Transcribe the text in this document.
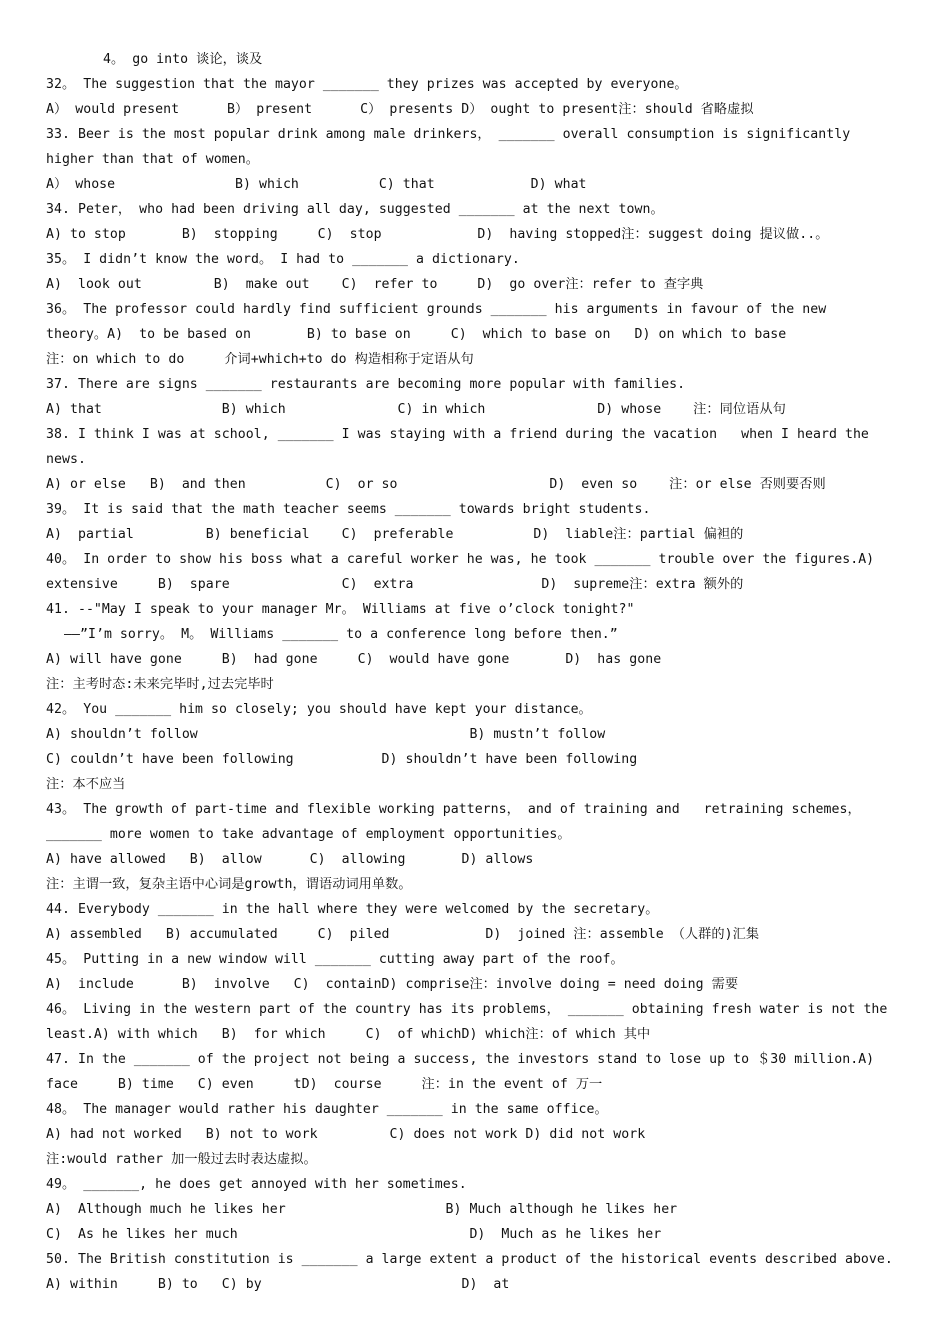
4。 go into 谈论，谈及
32。 The suggestion that the mayor _______ they prizes was accepted by everyone。
A） would present      B） present      C） presents D） ought to present注：should 省略虚拟
33. Beer is the most popular drink among male drinkers， _______ overall consumption is significantly
higher than that of women。
A） whose               B) which          C) that            D) what
34. Peter， who had been driving all day, suggested _______ at the next town。
A) to stop       B)  stopping     C)  stop            D)  having stopped注：suggest doing 提议做..。
35。 I didn’t know the word。 I had to _______ a dictionary.
A)  look out         B)  make out    C)  refer to     D)  go over注：refer to 查字典
36。 The professor could hardly find sufficient grounds _______ his arguments in favour of the new
theory。A)  to be based on       B) to base on     C)  which to base on   D) on which to base
注：on which to do     介词+which+to do 构造相称于定语从句
37. There are signs _______ restaurants are becoming more popular with families.
A) that               B) which              C) in which              D) whose    注：同位语从句
38. I think I was at school, _______ I was staying with a friend during the vacation   when I heard the
news.
A) or else   B)  and then          C)  or so                   D)  even so    注：or else 否则要否则
39。 It is said that the math teacher seems _______ towards bright students.
A)  partial         B) beneficial    C)  preferable          D)  liable注：partial 偏袒的
40。 In order to show his boss what a careful worker he was, he took _______ trouble over the figures.A)
extensive     B)  spare              C)  extra                D)  supreme注：extra 额外的
41. --"May I speak to your manager Mr。 Williams at five o’clock tonight?"
——”I’m sorry。 M。 Williams _______ to a conference long before then.”
A) will have gone     B)  had gone     C)  would have gone       D)  has gone
注：主考时态:未来完毕时,过去完毕时
42。 You _______ him so closely; you should have kept your distance。
A) shouldn’t follow                                  B) mustn’t follow
C) couldn’t have been following           D) shouldn’t have been following
注：本不应当
43。 The growth of part-time and flexible working patterns， and of training and   retraining schemes，
_______ more women to take advantage of employment opportunities。
A) have allowed   B)  allow      C)  allowing       D) allows
注：主谓一致，复杂主语中心词是growth，谓语动词用单数。
44. Everybody _______ in the hall where they were welcomed by the secretary。
A) assembled   B) accumulated     C)  piled            D)  joined 注：assemble （人群的)汇集
45。 Putting in a new window will _______ cutting away part of the roof。
A)  include      B)  involve   C)  containD) comprise注：involve doing = need doing 需要
46。 Living in the western part of the country has its problems， _______ obtaining fresh water is not the
least.A) with which   B)  for which     C)  of whichD) which注：of which 其中
47. In the _______ of the project not being a success, the investors stand to lose up to ＄30 million.A)
face     B) time   C) even     tD)  course     注：in the event of 万一
48。 The manager would rather his daughter _______ in the same office。
A) had not worked   B) not to work         C) does not work D) did not work
注:would rather 加一般过去时表达虚拟。
49。 _______, he does get annoyed with her sometimes.
A)  Although much he likes her                    B) Much although he likes her
C)  As he likes her much                             D)  Much as he likes her
50. The British constitution is _______ a large extent a product of the historical events described above.
A) within     B) to   C) by                         D)  at
